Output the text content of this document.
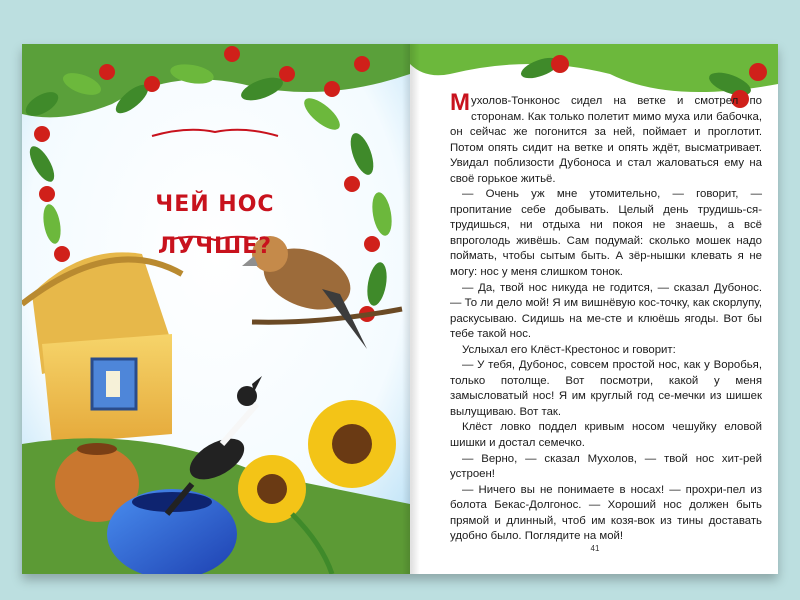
ЧЕЙ НОС
ЛУЧШЕ?

Мухолов-Тонконос сидел на ветке и смотрел по сторонам. Как только полетит мимо муха или бабочка, он сейчас же погонится за ней, поймает и проглотит. Потом опять сидит на ветке и опять ждёт, высматривает. Увидал поблизости Дубоноса и стал жаловаться ему на своё горькое житьё.

— Очень уж мне утомительно, — говорит, — пропитание себе добывать. Целый день трудишь-ся-трудишься, ни отдыха ни покоя не знаешь, а всё впроголодь живёшь. Сам подумай: сколько мошек надо поймать, чтобы сытым быть. А зёр-нышки клевать я не могу: нос у меня слишком тонок.

— Да, твой нос никуда не годится, — сказал Дубонос. — То ли дело мой! Я им вишнёвую кос-точку, как скорлупу, раскусываю. Сидишь на ме-сте и клюёшь ягоды. Вот бы тебе такой нос.

Услыхал его Клёст-Крестонос и говорит:

— У тебя, Дубонос, совсем простой нос, как у Воробья, только потолще. Вот посмотри, какой у меня замысловатый нос! Я им круглый год се-мечки из шишек вылущиваю. Вот так.

Клёст ловко поддел кривым носом чешуйку еловой шишки и достал семечко.

— Верно, — сказал Мухолов, — твой нос хит-рей устроен!

— Ничего вы не понимаете в носах! — прохри-пел из болота Бекас-Долгонос. — Хороший нос должен быть прямой и длинный, чтоб им козя-вок из тины доставать удобно было. Поглядите на мой!

41
